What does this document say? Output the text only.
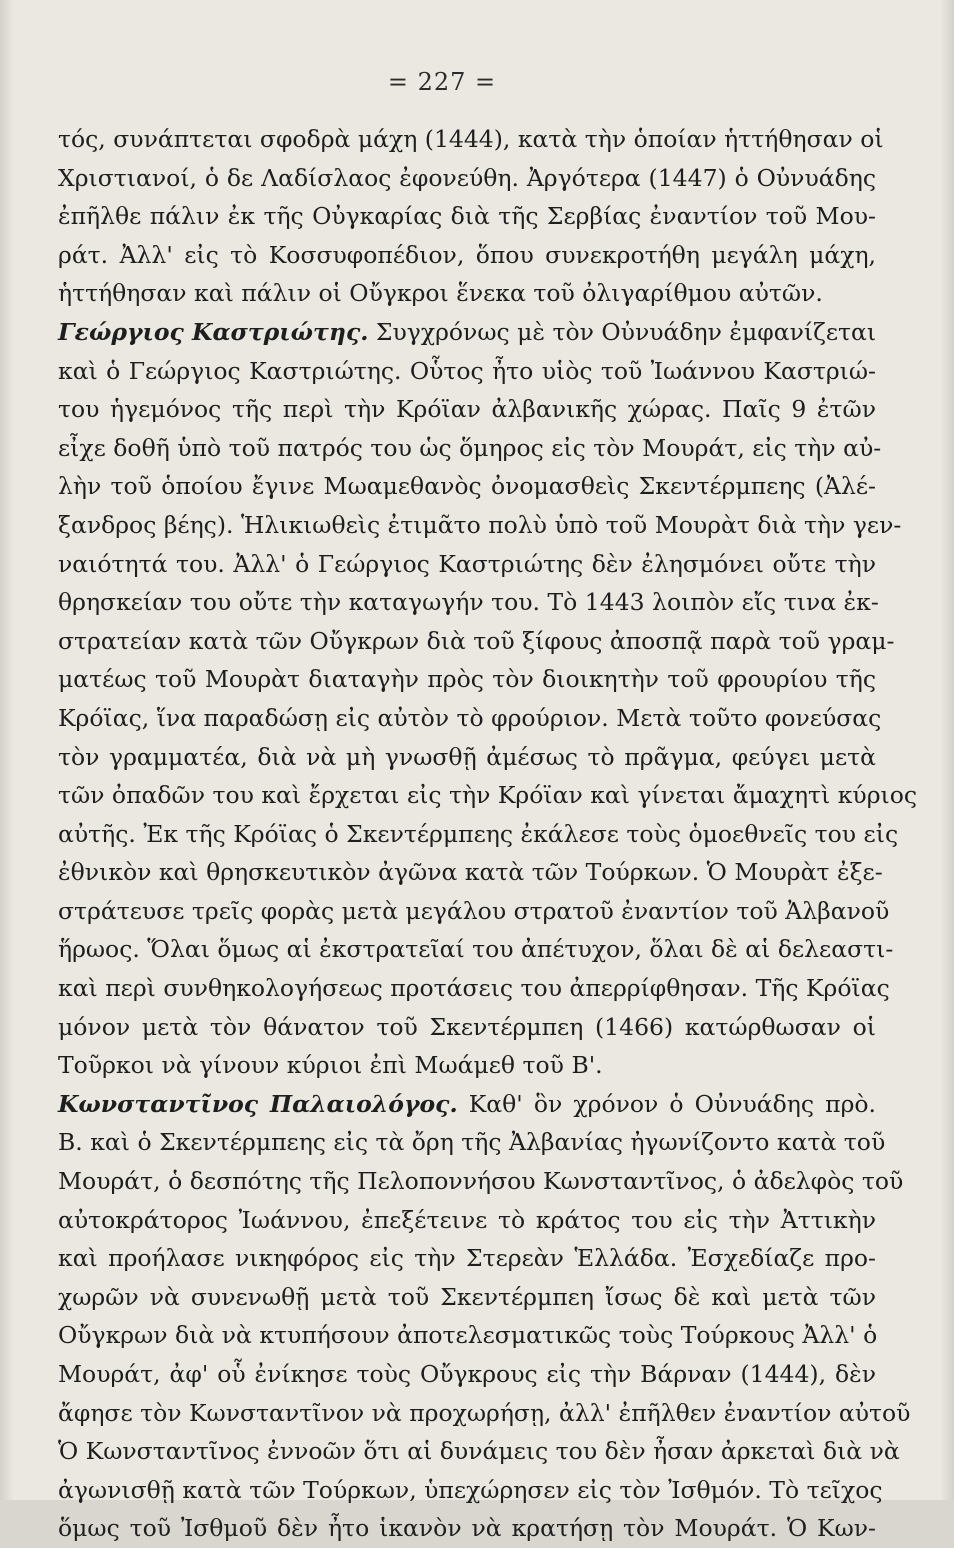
= 227 =
τός, συνάπτεται σφοδρὰ μάχη (1444), κατὰ τὴν ὁποίαν ἡττήθησαν οἱ
Χριστιανοί, ὁ δε Λαδίσλαος ἐφονεύθη. Ἀργότερα (1447) ὁ Οὐνυάδης
ἐπῆλθε πάλιν ἐκ τῆς Οὐγκαρίας διὰ τῆς Σερβίας ἐναντίον τοῦ Μου-
ράτ. Ἀλλ' εἰς τὸ Κοσσυφοπέδιον, ὅπου συνεκροτήθη μεγάλη μάχη,
ἡττήθησαν καὶ πάλιν οἱ Οὔγκροι ἕνεκα τοῦ ὀλιγαρίθμου αὐτῶν.
Γεώργιος Καστριώτης. Συγχρόνως μὲ τὸν Οὐνυάδην ἐμφανίζεται
καὶ ὁ Γεώργιος Καστριώτης. Οὗτος ἦτο υἱὸς τοῦ Ἰωάννου Καστριώ-
του ἡγεμόνος τῆς περὶ τὴν Κρόϊαν ἀλβανικῆς χώρας. Παῖς 9 ἐτῶν
εἶχε δοθῆ ὑπὸ τοῦ πατρός του ὡς ὅμηρος εἰς τὸν Μουράτ, εἰς τὴν αὐ-
λὴν τοῦ ὁποίου ἔγινε Μωαμεθανὸς ὀνομασθεὶς Σκεντέρμπεης (Ἀλέ-
ξανδρος βέης). Ἡλικιωθεὶς ἐτιμᾶτο πολὺ ὑπὸ τοῦ Μουρὰτ διὰ τὴν γεν-
ναιότητά του. Ἀλλ' ὁ Γεώργιος Καστριώτης δὲν ἐλησμόνει οὔτε τὴν
θρησκείαν του οὔτε τὴν καταγωγήν του. Τὸ 1443 λοιπὸν εἴς τινα ἐκ-
στρατείαν κατὰ τῶν Οὔγκρων διὰ τοῦ ξίφους ἀποσπᾷ παρὰ τοῦ γραμ-
ματέως τοῦ Μουρὰτ διαταγὴν πρὸς τὸν διοικητὴν τοῦ φρουρίου τῆς
Κρόϊας, ἵνα παραδώσῃ εἰς αὐτὸν τὸ φρούριον. Μετὰ τοῦτο φονεύσας
τὸν γραμματέα, διὰ νὰ μὴ γνωσθῇ ἀμέσως τὸ πρᾶγμα, φεύγει μετὰ
τῶν ὀπαδῶν του καὶ ἔρχεται εἰς τὴν Κρόϊαν καὶ γίνεται ἄμαχητὶ κύριος
αὐτῆς. Ἐκ τῆς Κρόϊας ὁ Σκεντέρμπεης ἐκάλεσε τοὺς ὁμοεθνεῖς του εἰς
ἐθνικὸν καὶ θρησκευτικὸν ἀγῶνα κατὰ τῶν Τούρκων. Ὁ Μουρὰτ ἐξε-
στράτευσε τρεῖς φορὰς μετὰ μεγάλου στρατοῦ ἐναντίον τοῦ Ἀλβανοῦ
ἥρωος. Ὅλαι ὅμως αἱ ἐκστρατεῖαί του ἀπέτυχον, ὅλαι δὲ αἱ δελεαστι-
καὶ περὶ συνθηκολογήσεως προτάσεις του ἀπερρίφθησαν. Τῆς Κρόϊας
μόνον μετὰ τὸν θάνατον τοῦ Σκεντέρμπεη (1466) κατώρθωσαν οἱ
Τοῦρκοι νὰ γίνουν κύριοι ἐπὶ Μωάμεθ τοῦ Β'.
Κωνσταντῖνος Παλαιολόγος. Καθ' ὃν χρόνον ὁ Οὐνυάδης πρὸ.
Β. καὶ ὁ Σκεντέρμπεης εἰς τὰ ὄρη τῆς Ἀλβανίας ἠγωνίζοντο κατὰ τοῦ
Μουράτ, ὁ δεσπότης τῆς Πελοποννήσου Κωνσταντῖνος, ὁ ἀδελφὸς τοῦ
αὐτοκράτορος Ἰωάννου, ἐπεξέτεινε τὸ κράτος του εἰς τὴν Ἀττικὴν
καὶ προήλασε νικηφόρος εἰς τὴν Στερεὰν Ἑλλάδα. Ἐσχεδίαζε προ-
χωρῶν νὰ συνενωθῇ μετὰ τοῦ Σκεντέρμπεη ἴσως δὲ καὶ μετὰ τῶν
Οὔγκρων διὰ νὰ κτυπήσουν ἀποτελεσματικῶς τοὺς Τούρκους Ἀλλ' ὁ
Μουράτ, ἀφ' οὗ ἐνίκησε τοὺς Οὔγκρους εἰς τὴν Βάρναν (1444), δὲν
ἄφησε τὸν Κωνσταντῖνον νὰ προχωρήσῃ, ἀλλ' ἐπῆλθεν ἐναντίον αὐτοῦ
Ὁ Κωνσταντῖνος ἐννοῶν ὅτι αἱ δυνάμεις του δὲν ἦσαν ἀρκεταὶ διὰ νὰ
ἀγωνισθῇ κατὰ τῶν Τούρκων, ὑπεχώρησεν εἰς τὸν Ἰσθμόν. Τὸ τεῖχος
ὅμως τοῦ Ἰσθμοῦ δὲν ἦτο ἱκανὸν νὰ κρατήσῃ τὸν Μουράτ. Ὁ Κων-
